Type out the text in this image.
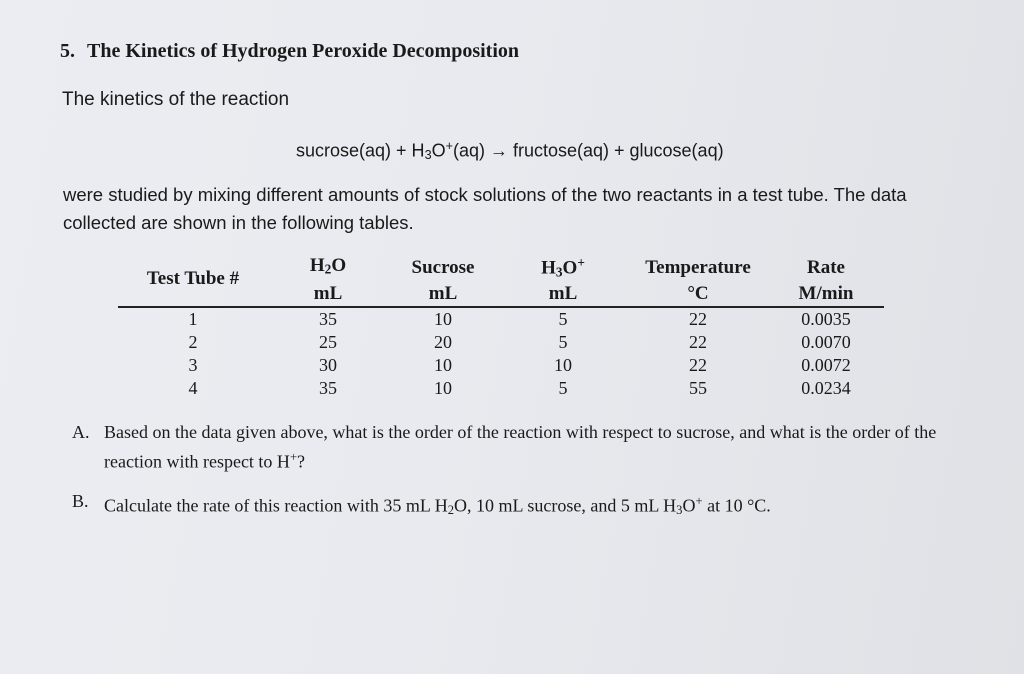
5. The Kinetics of Hydrogen Peroxide Decomposition
The kinetics of the reaction
sucrose(aq) + $H_3O^+(aq)$ → fructose(aq) + glucose(aq)
were studied by mixing different amounts of stock solutions of the two reactants in a test tube. The data collected are shown in the following tables.
Test Tube #	$H_2O$	Sucrose	$H_3O^+$	Temperature	Rate
	mL	mL	mL	°C	M/min
1	35	10	5	22	0.0035
2	25	20	5	22	0.0070
3	30	10	10	22	0.0072
4	35	10	5	55	0.0234
A. Based on the data given above, what is the order of the reaction with respect to sucrose, and what is the order of the reaction with respect to H+?
B. Calculate the rate of this reaction with 35 mL $H_2O$, 10 mL sucrose, and 5 mL $H_3O^+$ at 10 °C.
